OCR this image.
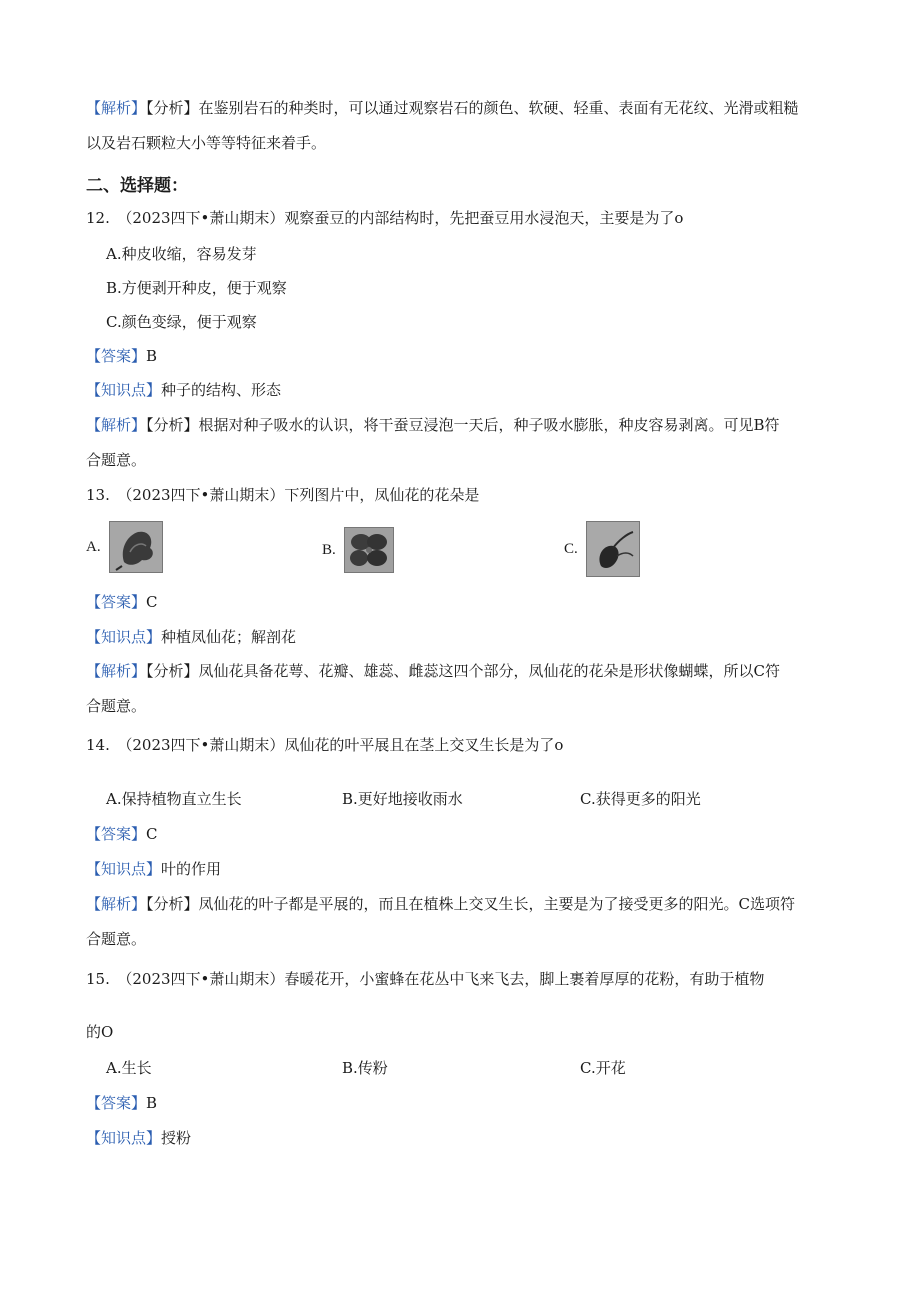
【解析】【分析】在鉴别岩石的种类时，可以通过观察岩石的颜色、软硬、轻重、表面有无花纹、光滑或粗糙
以及岩石颗粒大小等等特征来着手。
二、选择题：
12.　（2023四下•萧山期末）观察蚕豆的内部结构时，先把蚕豆用水浸泡天，主要是为了o
A.种皮收缩，容易发芽
B.方便剥开种皮，便于观察
C.颜色变绿，便于观察
【答案】B
【知识点】种子的结构、形态
【解析】【分析】根据对种子吸水的认识，将干蚕豆浸泡一天后，种子吸水膨胀，种皮容易剥离。可见B符
合题意。
13.　（2023四下•萧山期末）下列图片中，凤仙花的花朵是
A.	B.	C.
【答案】C
【知识点】种植凤仙花；解剖花
【解析】【分析】凤仙花具备花萼、花瓣、雄蕊、雌蕊这四个部分，凤仙花的花朵是形状像蝴蝶，所以C符
合题意。
14.　（2023四下•萧山期末）凤仙花的叶平展且在茎上交叉生长是为了o
A.保持植物直立生长	B.更好地接收雨水	C.获得更多的阳光
【答案】C
【知识点】叶的作用
【解析】【分析】凤仙花的叶子都是平展的，而且在植株上交叉生长，主要是为了接受更多的阳光。C选项符
合题意。
15.　（2023四下•萧山期末）春暖花开，小蜜蜂在花丛中飞来飞去，脚上裹着厚厚的花粉，有助于植物
的O
A.生长	B.传粉	C.开花
【答案】B
【知识点】授粉
